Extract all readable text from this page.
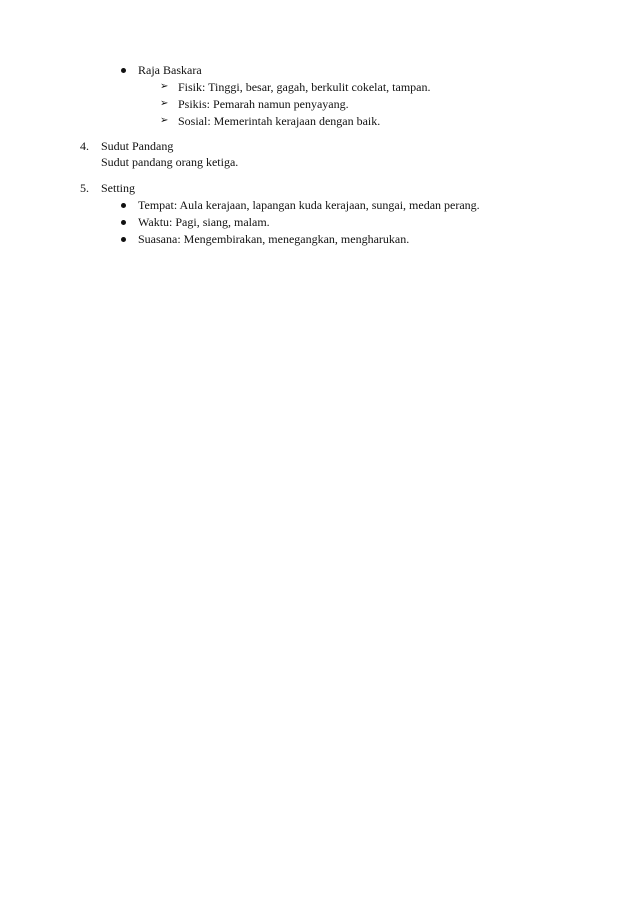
Raja Baskara
➢ Fisik: Tinggi, besar, gagah, berkulit cokelat, tampan.
➢ Psikis: Pemarah namun penyayang.
➢ Sosial: Memerintah kerajaan dengan baik.
4. Sudut Pandang
Sudut pandang orang ketiga.
5. Setting
Tempat: Aula kerajaan, lapangan kuda kerajaan, sungai, medan perang.
Waktu: Pagi, siang, malam.
Suasana: Mengembirakan, menegangkan, mengharukan.
